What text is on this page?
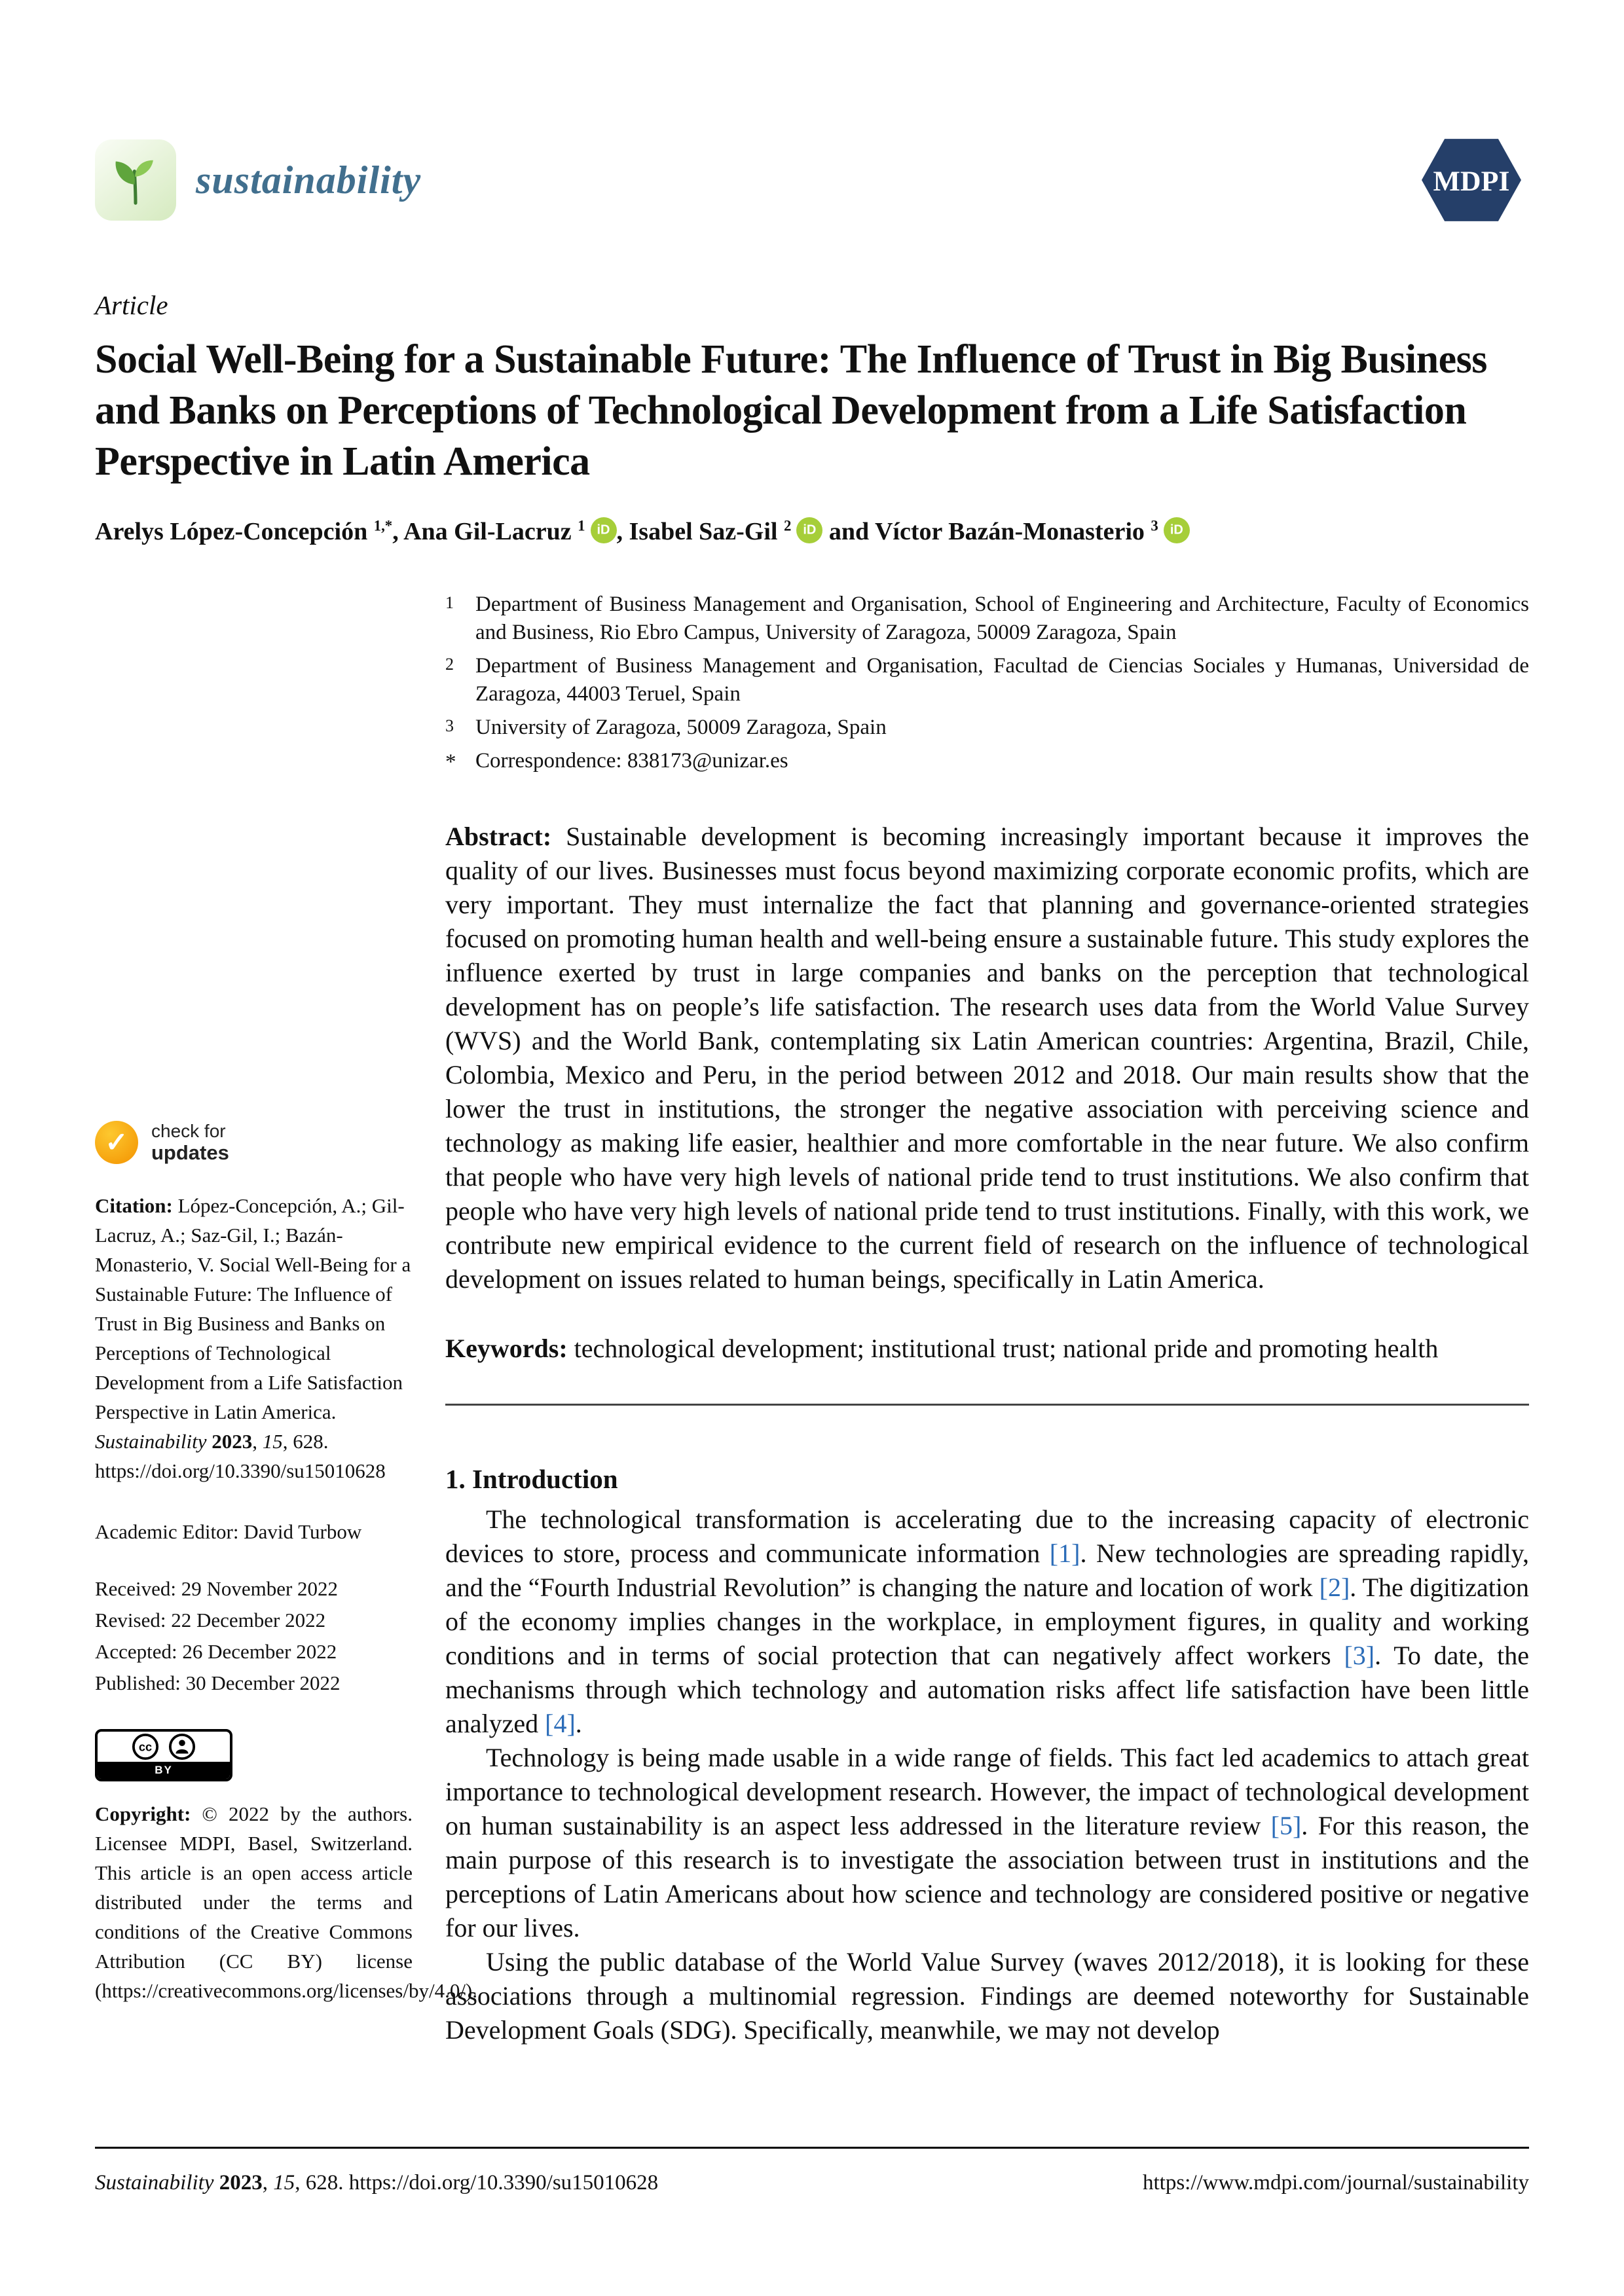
sustainability	MDPI
Article
Social Well-Being for a Sustainable Future: The Influence of Trust in Big Business and Banks on Perceptions of Technological Development from a Life Satisfaction Perspective in Latin America
Arelys López-Concepción $^{1,*}$, Ana Gil-Lacruz $^1$ iD , Isabel Saz-Gil $^2$iD and Víctor Bazán-Monasterio $^3$iD
✓	check for
updates

Citation: López-Concepción, A.; Gil-Lacruz, A.; Saz-Gil, I.; Bazán-Monasterio, V. Social Well-Being for a Sustainable Future: The Influence of Trust in Big Business and Banks on Perceptions of Technological Development from a Life Satisfaction Perspective in Latin America. Sustainability 2023, 15, 628. https://doi.org/10.3390/su15010628

Academic Editor: David Turbow

Received: 29 November 2022

Revised: 22 December 2022

Accepted: 26 December 2022

Published: 30 December 2022

cc
BY

Copyright: © 2022 by the authors. Licensee MDPI, Basel, Switzerland. This article is an open access article distributed under the terms and conditions of the Creative Commons Attribution (CC BY) license (https://creativecommons.org/licenses/by/4.0/).

1	Department of Business Management and Organisation, School of Engineering and Architecture, Faculty of Economics and Business, Rio Ebro Campus, University of Zaragoza, 50009 Zaragoza, Spain
2	Department of Business Management and Organisation, Facultad de Ciencias Sociales y Humanas, Universidad de Zaragoza, 44003 Teruel, Spain
3	University of Zaragoza, 50009 Zaragoza, Spain
* Correspondence: 838173@unizar.es

Abstract: Sustainable development is becoming increasingly important because it improves the quality of our lives. Businesses must focus beyond maximizing corporate economic profits, which are very important. They must internalize the fact that planning and governance-oriented strategies focused on promoting human health and well-being ensure a sustainable future. This study explores the influence exerted by trust in large companies and banks on the perception that technological development has on people’s life satisfaction. The research uses data from the World Value Survey (WVS) and the World Bank, contemplating six Latin American countries: Argentina, Brazil, Chile, Colombia, Mexico and Peru, in the period between 2012 and 2018. Our main results show that the lower the trust in institutions, the stronger the negative association with perceiving science and technology as making life easier, healthier and more comfortable in the near future. We also confirm that people who have very high levels of national pride tend to trust institutions. We also confirm that people who have very high levels of national pride tend to trust institutions. Finally, with this work, we contribute new empirical evidence to the current field of research on the influence of technological development on issues related to human beings, specifically in Latin America.

Keywords: technological development; institutional trust; national pride and promoting health

1. Introduction

The technological transformation is accelerating due to the increasing capacity of electronic devices to store, process and communicate information [1]. New technologies are spreading rapidly, and the “Fourth Industrial Revolution” is changing the nature and location of work [2]. The digitization of the economy implies changes in the workplace, in employment figures, in quality and working conditions and in terms of social protection that can negatively affect workers [3]. To date, the mechanisms through which technology and automation risks affect life satisfaction have been little analyzed [4].

Technology is being made usable in a wide range of fields. This fact led academics to attach great importance to technological development research. However, the impact of technological development on human sustainability is an aspect less addressed in the literature review [5]. For this reason, the main purpose of this research is to investigate the association between trust in institutions and the perceptions of Latin Americans about how science and technology are considered positive or negative for our lives.

Using the public database of the World Value Survey (waves 2012/2018), it is looking for these associations through a multinomial regression. Findings are deemed noteworthy for Sustainable Development Goals (SDG). Specifically, meanwhile, we may not develop

Sustainability 2023, 15, 628. https://doi.org/10.3390/su15010628	https://www.mdpi.com/journal/sustainability
